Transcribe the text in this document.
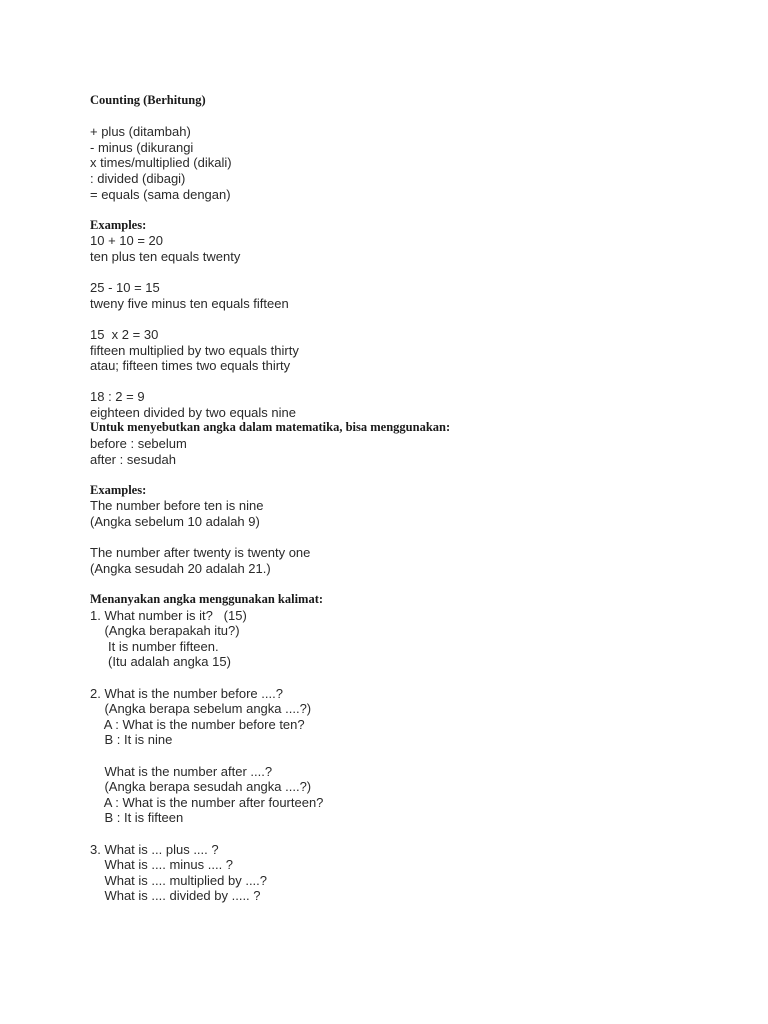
Counting (Berhitung)
+ plus (ditambah)
- minus (dikurangi
x times/multiplied (dikali)
: divided (dibagi)
= equals (sama dengan)
Examples:
10 + 10 = 20
ten plus ten equals twenty
25 - 10 = 15
tweny five minus ten equals fifteen
15  x 2 = 30
fifteen multiplied by two equals thirty
atau; fifteen times two equals thirty
18 : 2 = 9
eighteen divided by two equals nine
Untuk menyebutkan angka dalam matematika, bisa menggunakan:
before : sebelum
after : sesudah
Examples:
The number before ten is nine
(Angka sebelum 10 adalah 9)
The number after twenty is twenty one
(Angka sesudah 20 adalah 21.)
Menanyakan angka menggunakan kalimat:
1. What number is it?   (15)
(Angka berapakah itu?)
It is number fifteen.
(Itu adalah angka 15)
2. What is the number before ....?
(Angka berapa sebelum angka ....?)
A : What is the number before ten?
B : It is nine
What is the number after ....?
(Angka berapa sesudah angka ....?)
A : What is the number after fourteen?
B : It is fifteen
3. What is ... plus .... ?
What is .... minus .... ?
What is .... multiplied by ....?
What is .... divided by ..... ?
